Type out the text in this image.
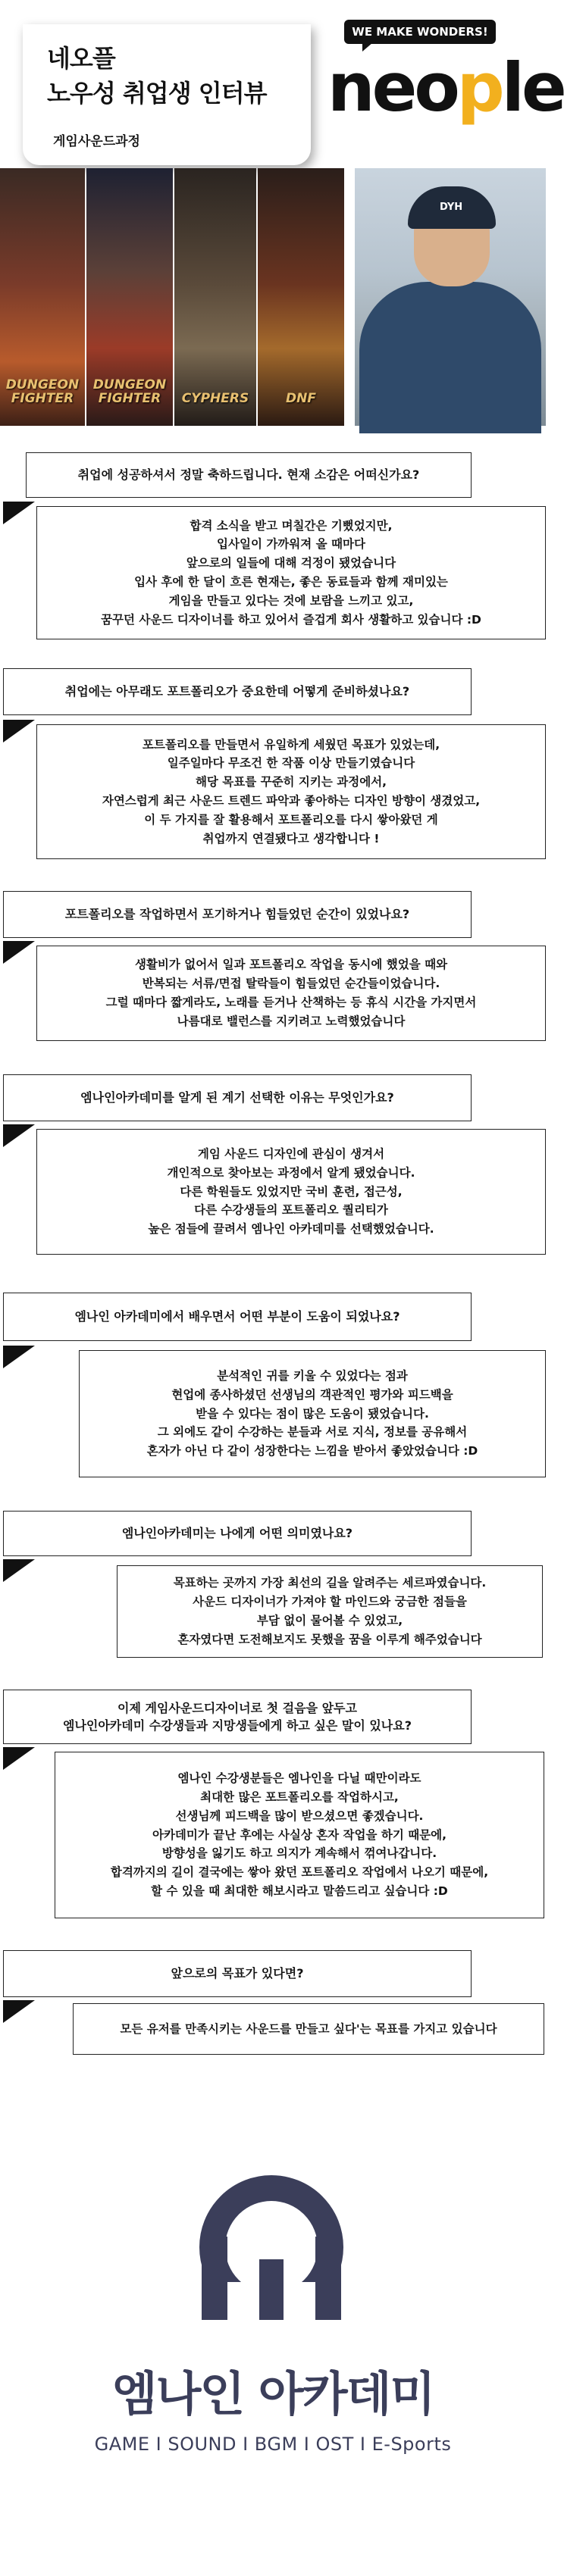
네오플
노우성 취업생 인터뷰
게임사운드과정
WE MAKE WONDERS!
neople
DUNGEON FIGHTER
DUNGEON FIGHTER	CYPHERS	DNF
DYH
취업에 성공하셔서 정말 축하드립니다. 현재 소감은 어떠신가요?
합격 소식을 받고 며칠간은 기뻤었지만,
입사일이 가까워져 올 때마다
앞으로의 일들에 대해 걱정이 됐었습니다
입사 후에 한 달이 흐른 현재는, 좋은 동료들과 함께 재미있는
게임을 만들고 있다는 것에 보람을 느끼고 있고,
꿈꾸던 사운드 디자이너를 하고 있어서 즐겁게 회사 생활하고 있습니다 :D
취업에는 아무래도 포트폴리오가 중요한데 어떻게 준비하셨나요?
포트폴리오를 만들면서 유일하게 세웠던 목표가 있었는데,
일주일마다 무조건 한 작품 이상 만들기였습니다
해당 목표를 꾸준히 지키는 과정에서,
자연스럽게 최근 사운드 트렌드 파악과 좋아하는 디자인 방향이 생겼었고,
이 두 가지를 잘 활용해서 포트폴리오를 다시 쌓아왔던 게
취업까지 연결됐다고 생각합니다 !
포트폴리오를 작업하면서 포기하거나 힘들었던 순간이 있었나요?
생활비가 없어서 일과 포트폴리오 작업을 동시에 했었을 때와
반복되는 서류/면접 탈락들이 힘들었던 순간들이었습니다.
그럴 때마다 짧게라도, 노래를 듣거나 산책하는 등 휴식 시간을 가지면서
나름대로 밸런스를 지키려고 노력했었습니다
엠나인아카데미를 알게 된 계기 선택한 이유는 무엇인가요?
게임 사운드 디자인에 관심이 생겨서
개인적으로 찾아보는 과정에서 알게 됐었습니다.
다른 학원들도 있었지만 국비 훈련, 접근성,
다른 수강생들의 포트폴리오 퀄리티가
높은 점들에 끌려서 엠나인 아카데미를 선택했었습니다.
엠나인 아카데미에서 배우면서 어떤 부분이 도움이 되었나요?
분석적인 귀를 키울 수 있었다는 점과
현업에 종사하셨던 선생님의 객관적인 평가와 피드백을
받을 수 있다는 점이 많은 도움이 됐었습니다.
그 외에도 같이 수강하는 분들과 서로 지식, 정보를 공유해서
혼자가 아닌 다 같이 성장한다는 느낌을 받아서 좋았었습니다 :D
엠나인아카데미는 나에게 어떤 의미였나요?
목표하는 곳까지 가장 최선의 길을 알려주는 세르파였습니다.
사운드 디자이너가 가져야 할 마인드와 궁금한 점들을
부담 없이 물어볼 수 있었고,
혼자였다면 도전해보지도 못했을 꿈을 이루게 해주었습니다
이제 게임사운드디자이너로 첫 걸음을 앞두고
엠나인아카데미 수강생들과 지망생들에게 하고 싶은 말이 있나요?
엠나인 수강생분들은 엠나인을 다닐 때만이라도
최대한 많은 포트폴리오를 작업하시고,
선생님께 피드백을 많이 받으셨으면 좋겠습니다.
아카데미가 끝난 후에는 사실상 혼자 작업을 하기 때문에,
방향성을 잃기도 하고 의지가 계속해서 꺾여나갑니다.
합격까지의 길이 결국에는 쌓아 왔던 포트폴리오 작업에서 나오기 때문에,
할 수 있을 때 최대한 해보시라고 말씀드리고 싶습니다 :D
앞으로의 목표가 있다면?
모든 유저를 만족시키는 사운드를 만들고 싶다'는 목표를 가지고 있습니다
엠나인 아카데미
GAME I SOUND I BGM I OST I E-Sports
